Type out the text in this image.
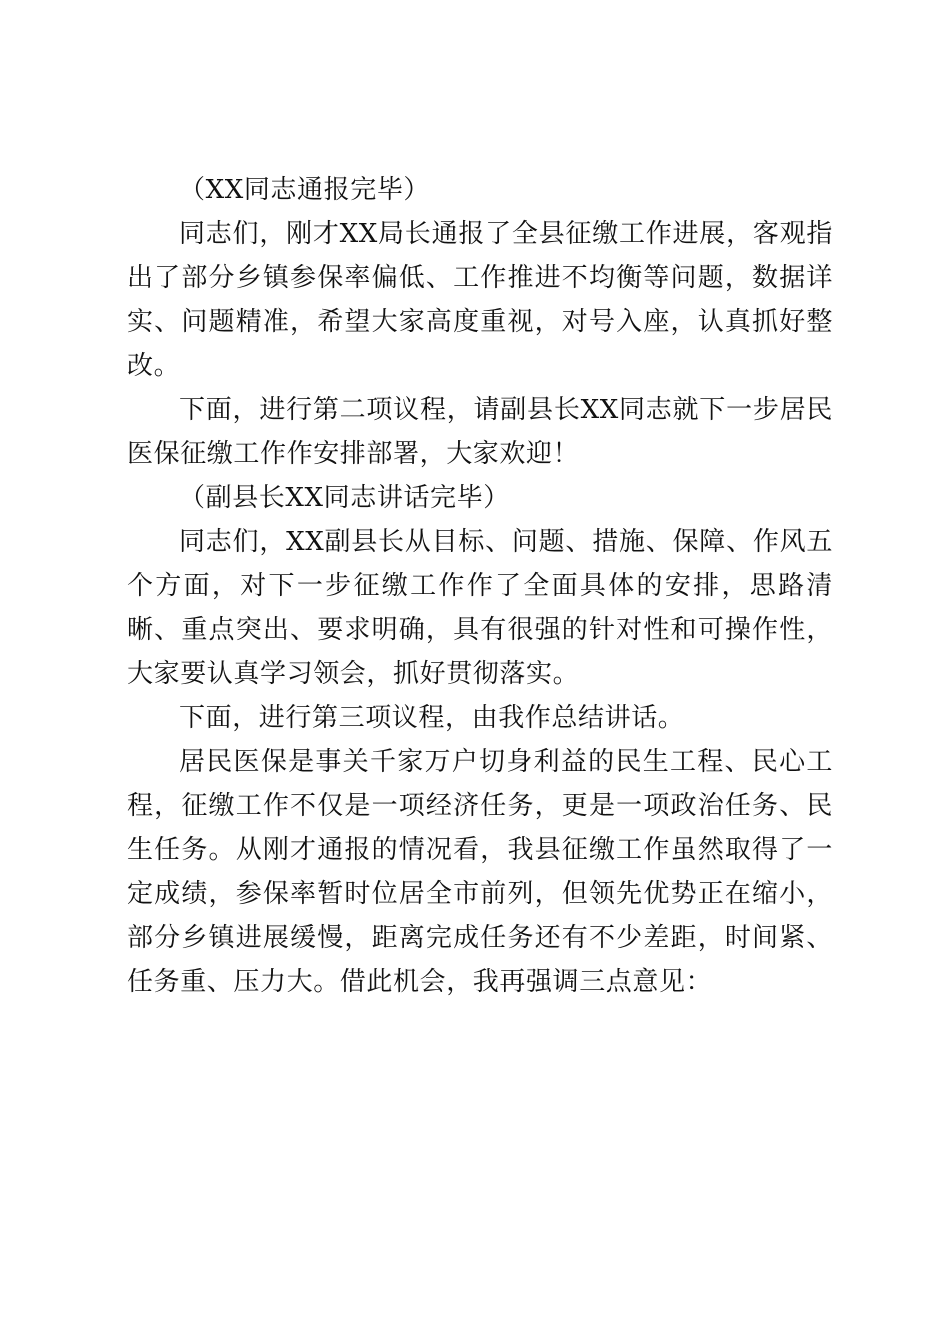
（XX同志通报完毕）

同志们，刚才XX局长通报了全县征缴工作进展，客观指出了部分乡镇参保率偏低、工作推进不均衡等问题，数据详实、问题精准，希望大家高度重视，对号入座，认真抓好整改。

下面，进行第二项议程，请副县长XX同志就下一步居民医保征缴工作作安排部署，大家欢迎！

（副县长XX同志讲话完毕）

同志们，XX副县长从目标、问题、措施、保障、作风五个方面，对下一步征缴工作作了全面具体的安排，思路清晰、重点突出、要求明确，具有很强的针对性和可操作性，大家要认真学习领会，抓好贯彻落实。

下面，进行第三项议程，由我作总结讲话。

居民医保是事关千家万户切身利益的民生工程、民心工程，征缴工作不仅是一项经济任务，更是一项政治任务、民生任务。从刚才通报的情况看，我县征缴工作虽然取得了一定成绩，参保率暂时位居全市前列，但领先优势正在缩小，部分乡镇进展缓慢，距离完成任务还有不少差距，时间紧、任务重、压力大。借此机会，我再强调三点意见：
